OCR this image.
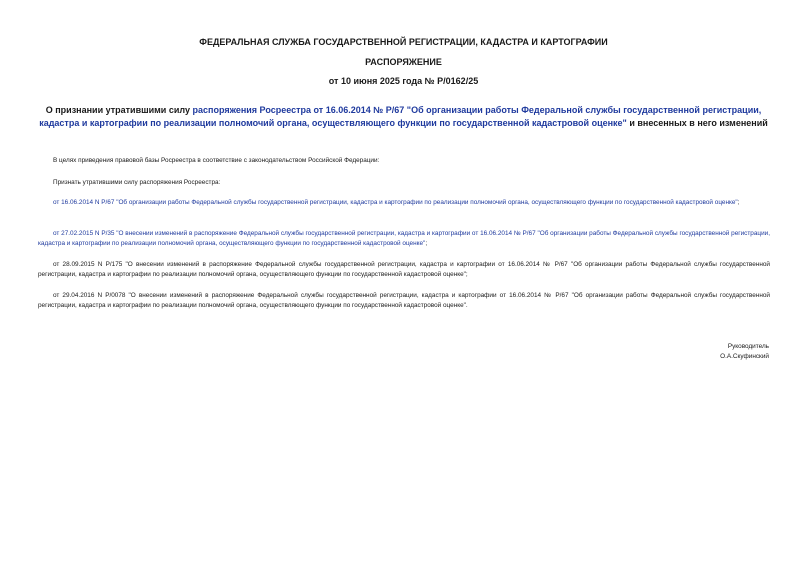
ФЕДЕРАЛЬНАЯ СЛУЖБА ГОСУДАРСТВЕННОЙ РЕГИСТРАЦИИ, КАДАСТРА И КАРТОГРАФИИ
РАСПОРЯЖЕНИЕ
от 10 июня 2025 года № Р/0162/25
О признании утратившими силу распоряжения Росреестра от 16.06.2014 № Р/67 "Об организации работы Федеральной службы государственной регистрации, кадастра и картографии по реализации полномочий органа, осуществляющего функции по государственной кадастровой оценке" и внесенных в него изменений
В целях приведения правовой базы Росреестра в соответствие с законодательством Российской Федерации:
Признать утратившими силу распоряжения Росреестра:
от 16.06.2014 N Р/67 "Об организации работы Федеральной службы государственной регистрации, кадастра и картографии по реализации полномочий органа, осуществляющего функции по государственной кадастровой оценке";
от 27.02.2015 N Р/35 "О внесении изменений в распоряжение Федеральной службы государственной регистрации, кадастра и картографии от 16.06.2014 № Р/67 "Об организации работы Федеральной службы государственной регистрации, кадастра и картографии по реализации полномочий органа, осуществляющего функции по государственной кадастровой оценке";
от 28.09.2015 N Р/175 "О внесении изменений в распоряжение Федеральной службы государственной регистрации, кадастра и картографии от 16.06.2014 № Р/67 "Об организации работы Федеральной службы государственной регистрации, кадастра и картографии по реализации полномочий органа, осуществляющего функции по государственной кадастровой оценке";
от 29.04.2016 N Р/0078 "О внесении изменений в распоряжение Федеральной службы государственной регистрации, кадастра и картографии от 16.06.2014 № Р/67 "Об организации работы Федеральной службы государственной регистрации, кадастра и картографии по реализации полномочий органа, осуществляющего функции по государственной кадастровой оценке".
Руководитель
О.А.Скуфинский
